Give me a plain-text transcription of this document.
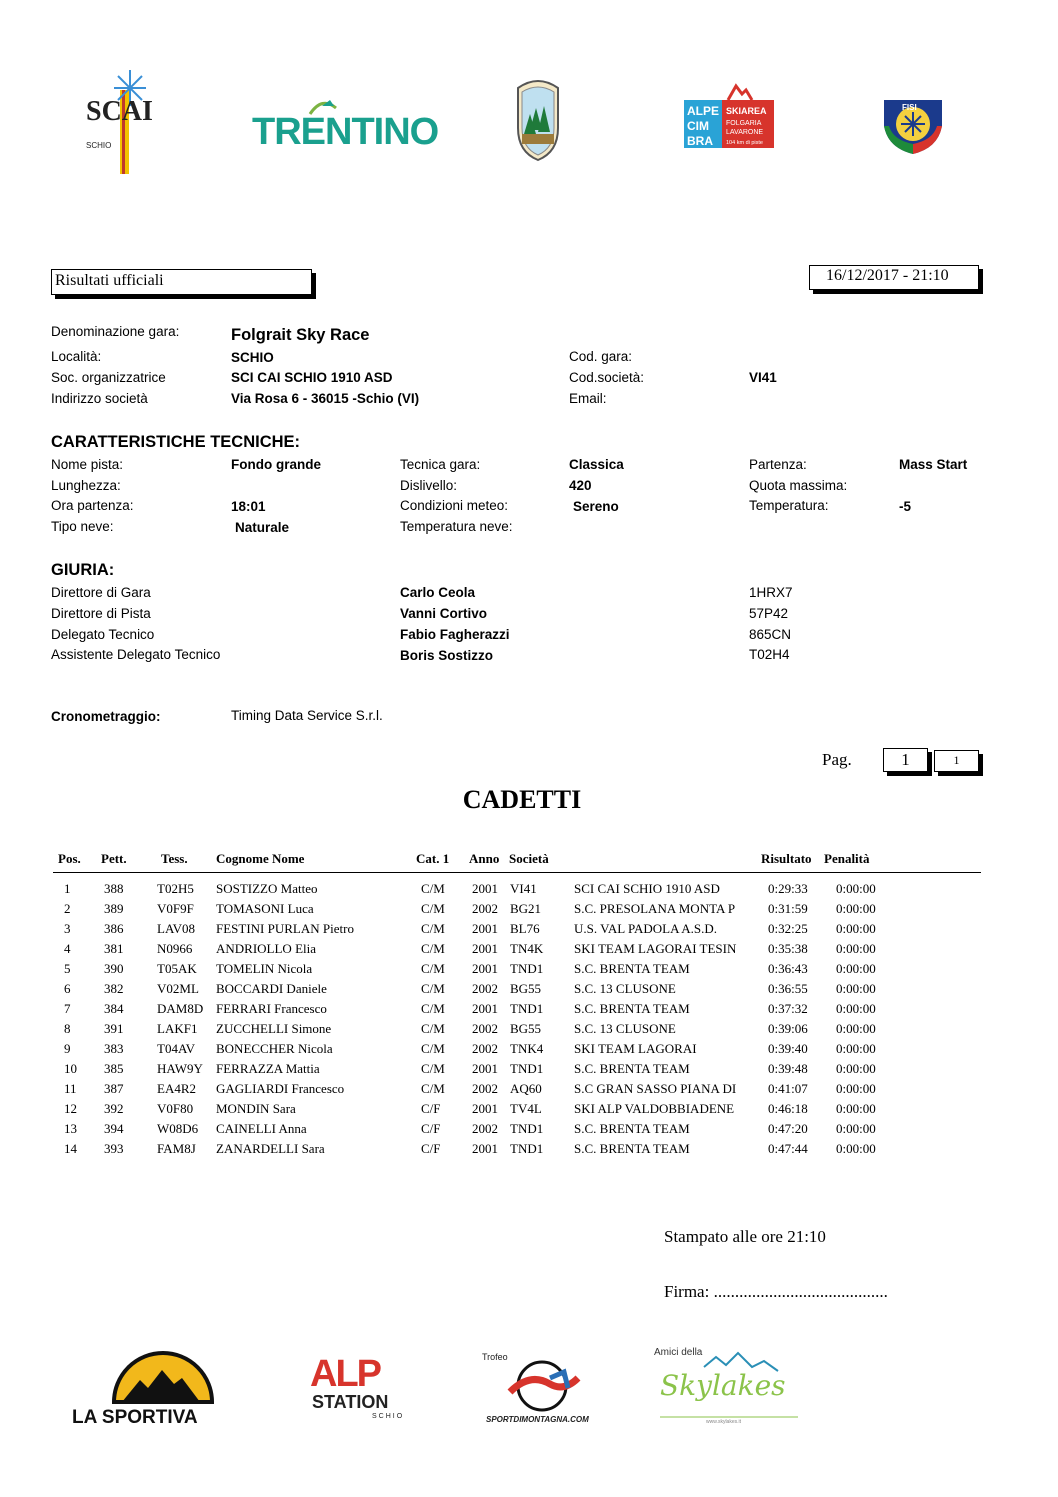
SCAI
SCHIO	TRENTINO	ALPE
CIM
BRA
SKIAREA
FOLGARIA
LAVARONE
104 km di piste
FISI
Risultati ufficiali	16/12/2017 - 21:10
Denominazione gara:	Folgrait Sky Race
Località:	SCHIO	Cod. gara:
Soc. organizzatrice	SCI CAI SCHIO 1910 ASD	Cod.società:	VI41
Indirizzo società	Via Rosa 6 - 36015 -Schio (VI)	Email:
CARATTERISTICHE TECNICHE:
Nome pista:	Fondo grande	Tecnica gara:	Classica	Partenza:	Mass Start
Lunghezza:	Dislivello:	420	Quota massima:
Ora partenza:	18:01	Condizioni meteo:	Sereno	Temperatura:	-5
Tipo neve:	Naturale	Temperatura neve:
GIURIA:
Direttore di Gara	Carlo Ceola	1HRX7
Direttore di Pista	Vanni Cortivo	57P42
Delegato Tecnico	Fabio Fagherazzi	865CN
Assistente Delegato Tecnico	Boris Sostizzo	T02H4
Cronometraggio:	Timing Data Service S.r.l.
Pag.	1	1
CADETTI
Pos. Pett.	Tess. Cognome Nome	Cat. 1 Anno Società	Risultato Penalità
1	388	T02H5 SOSTIZZO Matteo	C/M 2001 VI41	SCI CAI SCHIO 1910 ASD	0:29:33 0:00:00
2	389	V0F9F TOMASONI Luca	C/M 2002 BG21	S.C. PRESOLANA MONTA P	0:31:59 0:00:00
3	386	LAV08 FESTINI PURLAN Pietro	C/M 2001 BL76	U.S. VAL PADOLA A.S.D.	0:32:25 0:00:00
4	381	N0966 ANDRIOLLO Elia	C/M 2001 TN4K SKI TEAM LAGORAI TESIN 0:35:38 0:00:00
5	390	T05AK TOMELIN Nicola	C/M 2001 TND1 S.C. BRENTA TEAM	0:36:43 0:00:00
6	382	V02ML BOCCARDI Daniele	C/M 2002 BG55	S.C. 13 CLUSONE	0:36:55 0:00:00
7	384	DAM8D FERRARI Francesco	C/M 2001 TND1 S.C. BRENTA TEAM	0:37:32 0:00:00
8	391	LAKF1 ZUCCHELLI Simone	C/M 2002 BG55	S.C. 13 CLUSONE	0:39:06 0:00:00
9	383	T04AV BONECCHER Nicola	C/M 2002 TNK4 SKI TEAM LAGORAI	0:39:40 0:00:00
10 385	HAW9Y FERRAZZA Mattia	C/M 2001 TND1 S.C. BRENTA TEAM	0:39:48 0:00:00
11 387	EA4R2 GAGLIARDI Francesco	C/M 2002 AQ60 S.C GRAN SASSO PIANA DI 0:41:07 0:00:00
12 392	V0F80 MONDIN Sara	C/F 2001 TV4L SKI ALP VALDOBBIADENE	0:46:18 0:00:00
13 394	W08D6 CAINELLI Anna	C/F 2002 TND1 S.C. BRENTA TEAM	0:47:20 0:00:00
14 393	FAM8J ZANARDELLI Sara	C/F 2001 TND1 S.C. BRENTA TEAM	0:47:44 0:00:00
Stampato alle ore 21:10
Firma: .........................................
LA SPORTIVA
ALP
STATION
SCHIO
Trofeo
SPORTDIMONTAGNA.COM
Amici della
Skylakes
www.skylakes.it
